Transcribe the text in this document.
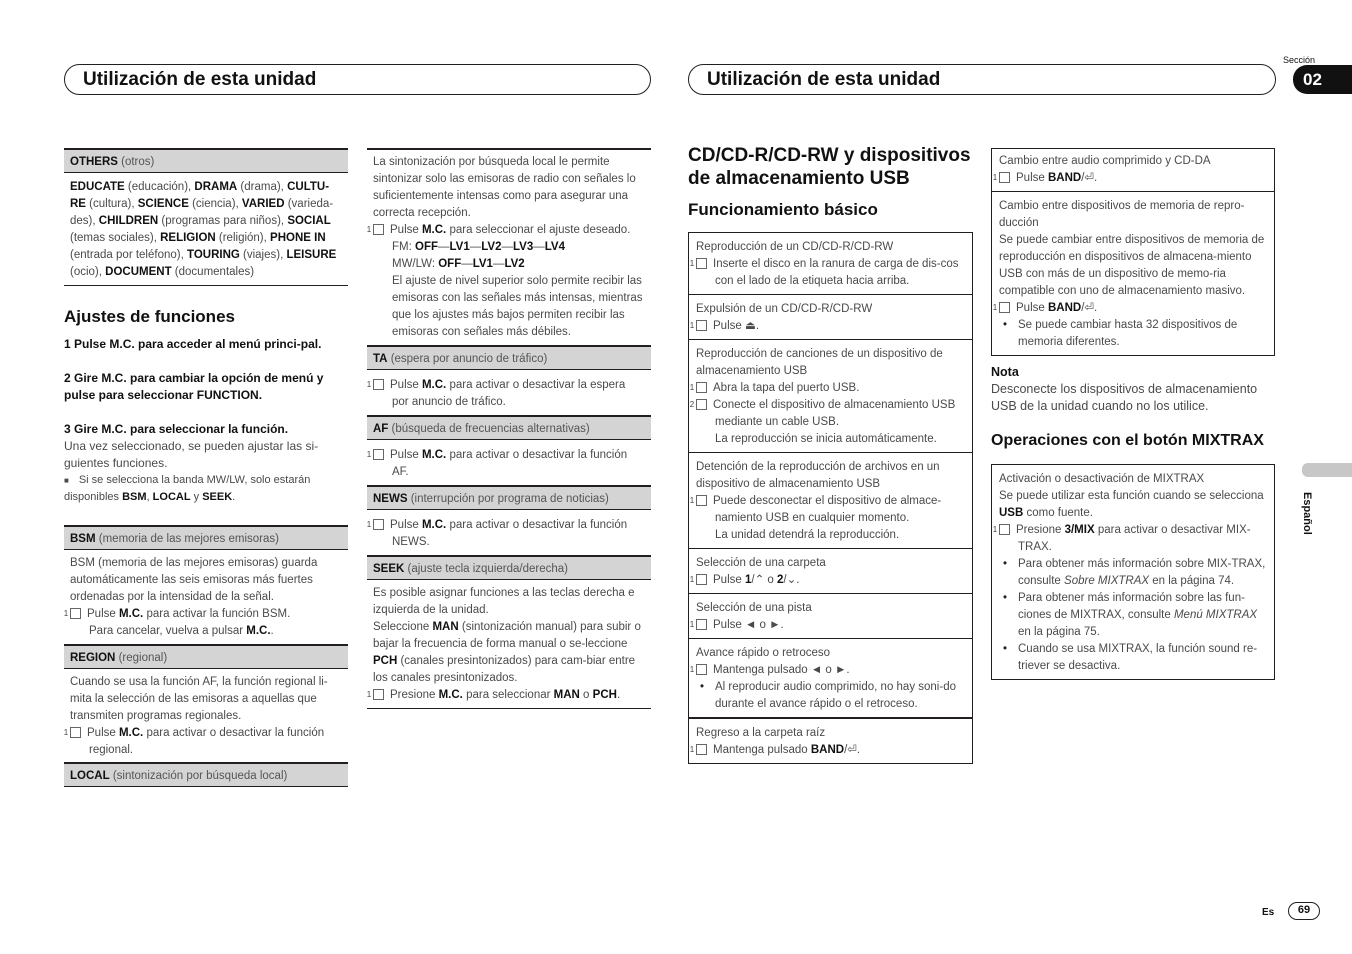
Utilización de esta unidad	Utilización de esta unidad
Sección
02
OTHERS (otros)
EDUCATE (educación), DRAMA (drama), CULTU-RE (cultura), SCIENCE (ciencia), VARIED (varieda-des), CHILDREN (programas para niños), SOCIAL (temas sociales), RELIGION (religión), PHONE IN (entrada por teléfono), TOURING (viajes), LEISURE (ocio), DOCUMENT (documentales)
Ajustes de funciones
1 Pulse M.C. para acceder al menú princi-pal.
2 Gire M.C. para cambiar la opción de menú y pulse para seleccionar FUNCTION.
3 Gire M.C. para seleccionar la función.
Una vez seleccionado, se pueden ajustar las si-guientes funciones.
■ Si se selecciona la banda MW/LW, solo estarán disponibles BSM, LOCAL y SEEK.
BSM (memoria de las mejores emisoras)
BSM (memoria de las mejores emisoras) guarda automáticamente las seis emisoras más fuertes ordenadas por la intensidad de la señal.
1 Pulse M.C. para activar la función BSM.
Para cancelar, vuelva a pulsar M.C..
REGION (regional)
Cuando se usa la función AF, la función regional li-mita la selección de las emisoras a aquellas que transmiten programas regionales.
1 Pulse M.C. para activar o desactivar la función regional.
LOCAL (sintonización por búsqueda local)
La sintonización por búsqueda local le permite sintonizar solo las emisoras de radio con señales lo suficientemente intensas como para asegurar una correcta recepción.
1 Pulse M.C. para seleccionar el ajuste deseado.
FM: OFF—LV1—LV2—LV3—LV4
MW/LW: OFF—LV1—LV2
El ajuste de nivel superior solo permite recibir las emisoras con las señales más intensas, mientras que los ajustes más bajos permiten recibir las emisoras con señales más débiles.
TA (espera por anuncio de tráfico)
1 Pulse M.C. para activar o desactivar la espera por anuncio de tráfico.
AF (búsqueda de frecuencias alternativas)
1 Pulse M.C. para activar o desactivar la función AF.
NEWS (interrupción por programa de noticias)
1 Pulse M.C. para activar o desactivar la función NEWS.
SEEK (ajuste tecla izquierda/derecha)
Es posible asignar funciones a las teclas derecha e izquierda de la unidad.
Seleccione MAN (sintonización manual) para subir o bajar la frecuencia de forma manual o se-leccione PCH (canales presintonizados) para cam-biar entre los canales presintonizados.
1 Presione M.C. para seleccionar MAN o PCH.
CD/CD-R/CD-RW y dispositivos de almacenamiento USB
Funcionamiento básico
Reproducción de un CD/CD-R/CD-RW
1 Inserte el disco en la ranura de carga de dis-cos con el lado de la etiqueta hacia arriba.
Expulsión de un CD/CD-R/CD-RW
1 Pulse ⏏.
Reproducción de canciones de un dispositivo de almacenamiento USB
1 Abra la tapa del puerto USB.
2 Conecte el dispositivo de almacenamiento USB mediante un cable USB.
La reproducción se inicia automáticamente.
Detención de la reproducción de archivos en un dispositivo de almacenamiento USB
1 Puede desconectar el dispositivo de almace-namiento USB en cualquier momento.
La unidad detendrá la reproducción.
Selección de una carpeta
1 Pulse 1/⌃ o 2/⌄.
Selección de una pista
1 Pulse ◄ o ►.
Avance rápido o retroceso
1 Mantenga pulsado ◄ o ►.
• Al reproducir audio comprimido, no hay soni-do durante el avance rápido o el retroceso.
Regreso a la carpeta raíz
1 Mantenga pulsado BAND/⏎.
Cambio entre audio comprimido y CD-DA
1 Pulse BAND/⏎.
Cambio entre dispositivos de memoria de repro-ducción
Se puede cambiar entre dispositivos de memoria de reproducción en dispositivos de almacena-miento USB con más de un dispositivo de memo-ria compatible con uno de almacenamiento masivo.
1 Pulse BAND/⏎.
• Se puede cambiar hasta 32 dispositivos de memoria diferentes.
Nota
Desconecte los dispositivos de almacenamiento USB de la unidad cuando no los utilice.
Operaciones con el botón MIXTRAX
Activación o desactivación de MIXTRAX
Se puede utilizar esta función cuando se selecciona USB como fuente.
1 Presione 3/MIX para activar o desactivar MIX-TRAX.
• Para obtener más información sobre MIX-TRAX, consulte Sobre MIXTRAX en la página 74.
• Para obtener más información sobre las fun-ciones de MIXTRAX, consulte Menú MIXTRAX en la página 75.
• Cuando se usa MIXTRAX, la función sound re-triever se desactiva.
Español
Es	69
